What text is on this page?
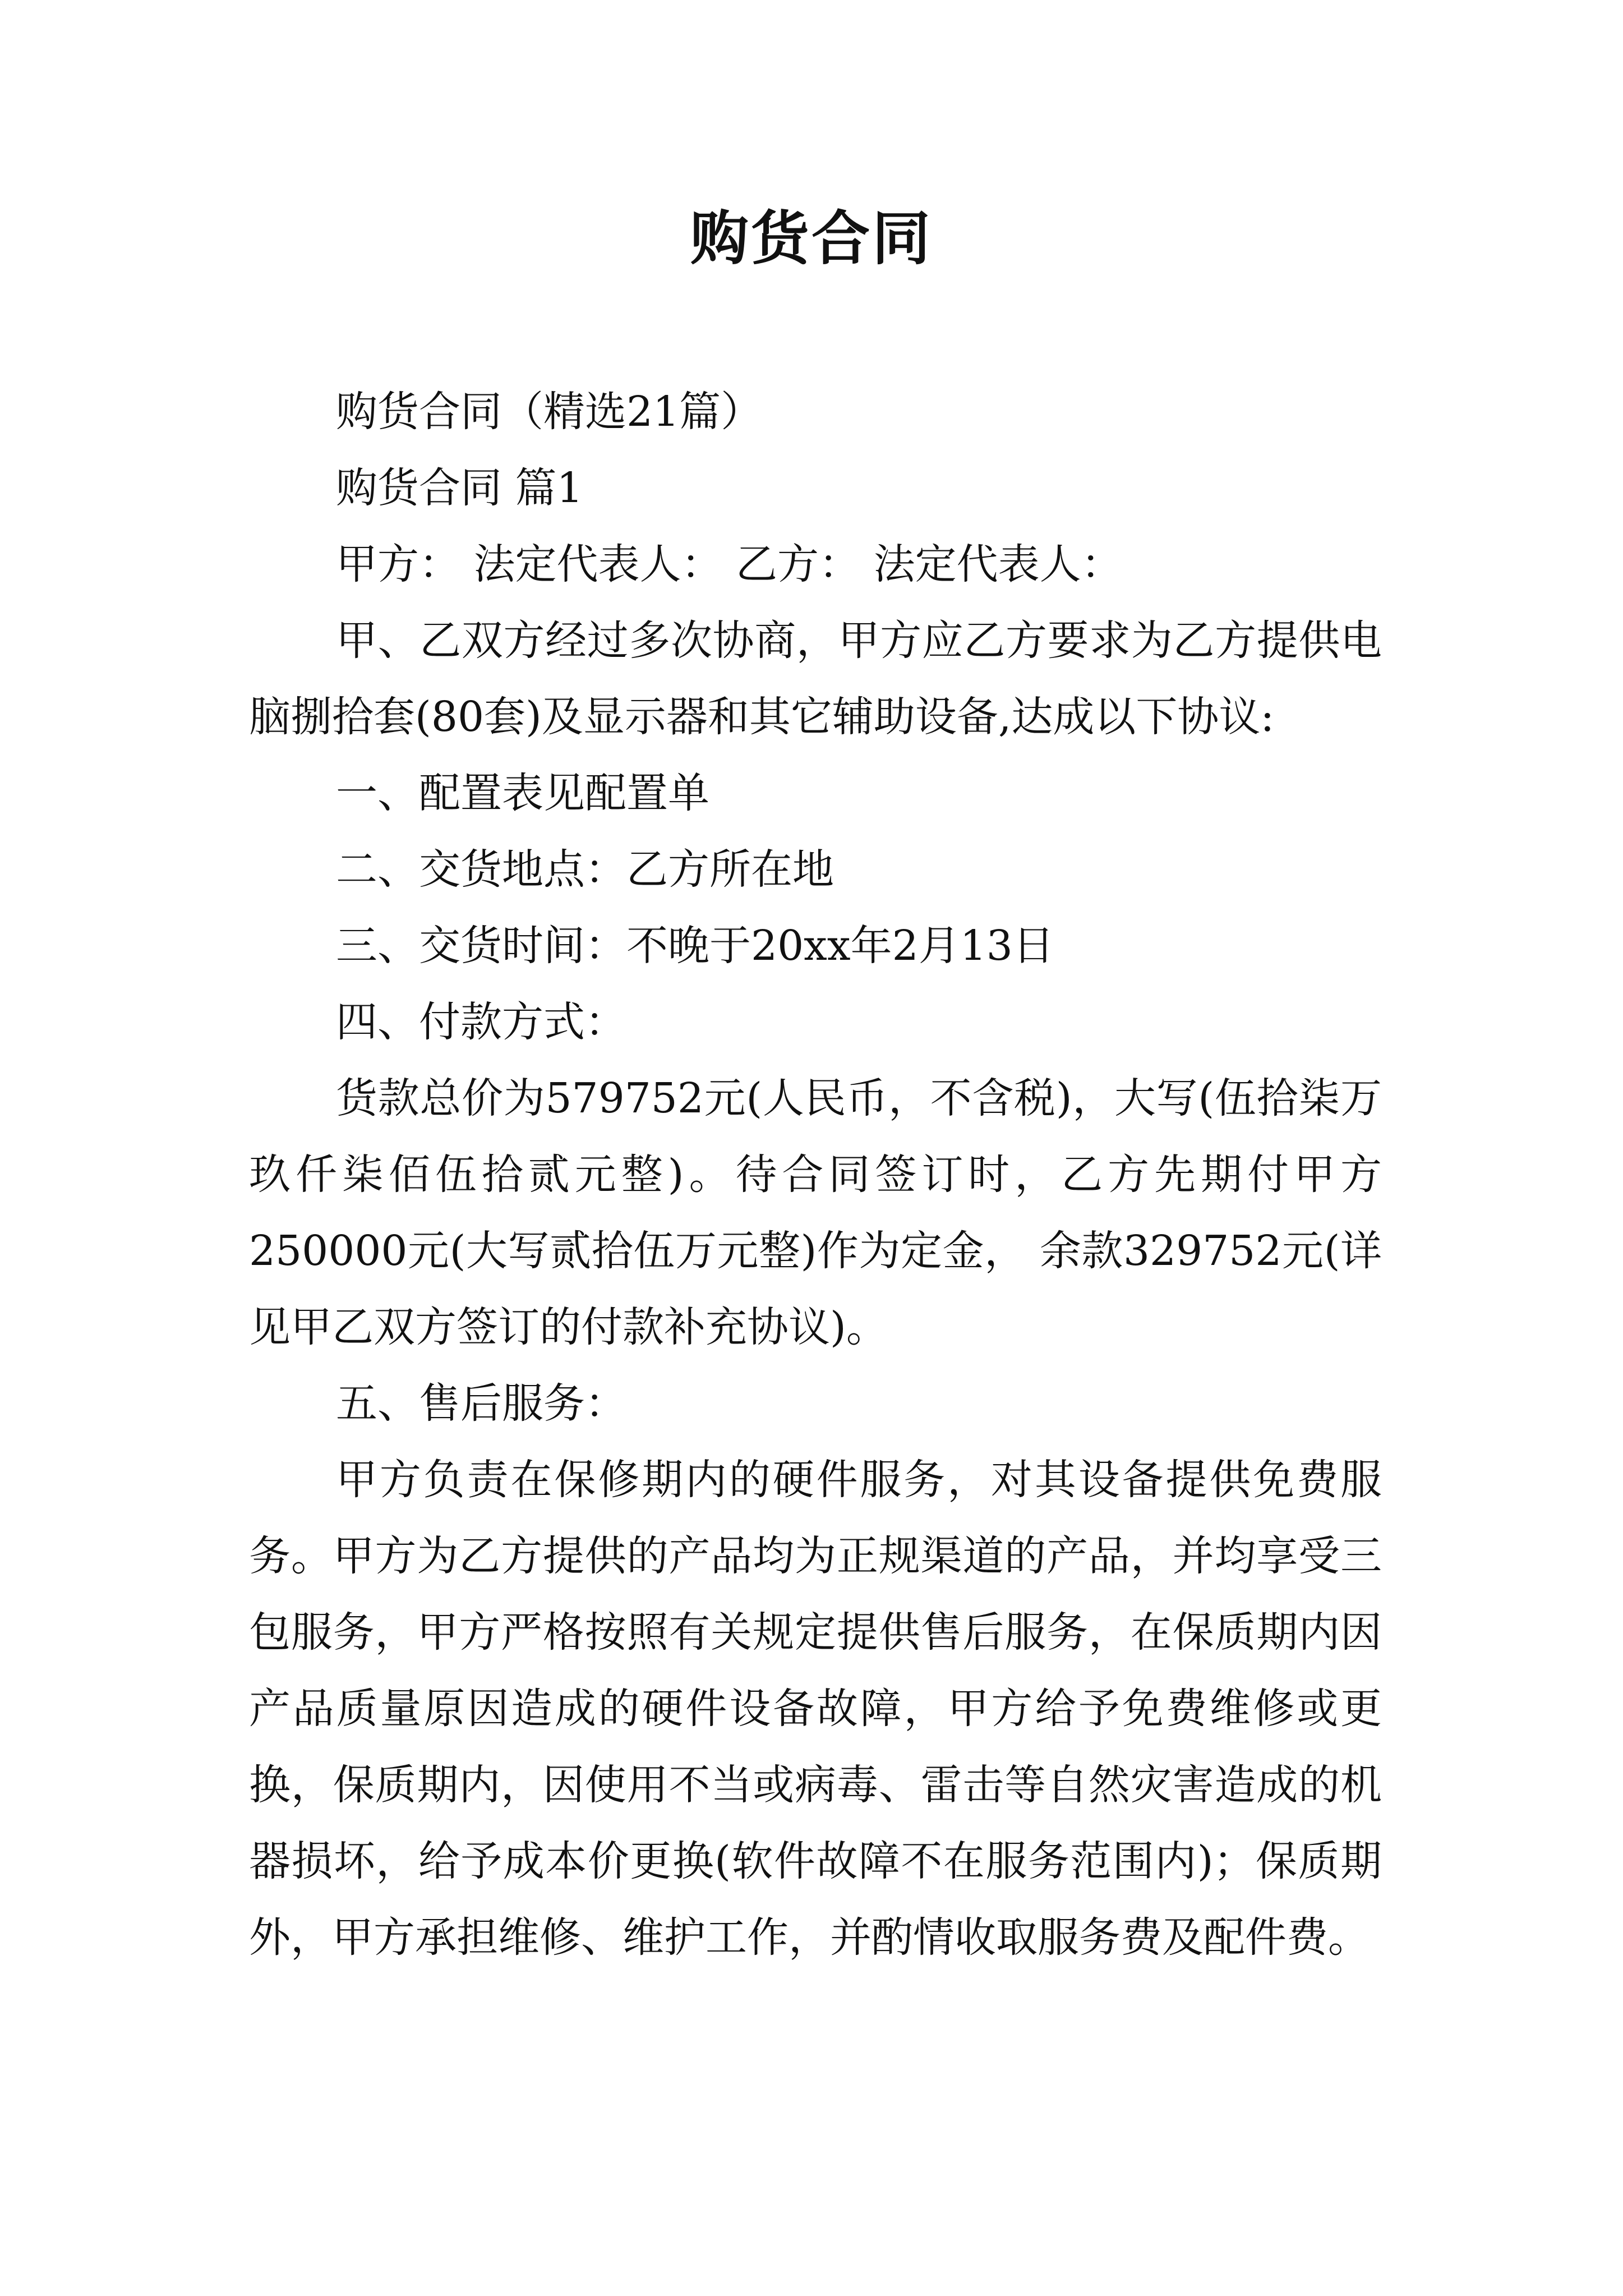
购货合同

购货合同（精选21篇）

购货合同 篇1

甲方： 法定代表人： 乙方： 法定代表人：

甲、乙双方经过多次协商，甲方应乙方要求为乙方提供电脑捌拾套(80套)及显示器和其它辅助设备,达成以下协议:

一、配置表见配置单

二、交货地点：乙方所在地

三、交货时间：不晚于20xx年2月13日

四、付款方式：

货款总价为579752元(人民币，不含税)，大写(伍拾柒万玖仟柒佰伍拾贰元整)。待合同签订时，乙方先期付甲方250000元(大写贰拾伍万元整)作为定金， 余款329752元(详见甲乙双方签订的付款补充协议)。

五、售后服务：

甲方负责在保修期内的硬件服务，对其设备提供免费服务。甲方为乙方提供的产品均为正规渠道的产品，并均享受三包服务，甲方严格按照有关规定提供售后服务，在保质期内因产品质量原因造成的硬件设备故障，甲方给予免费维修或更换，保质期内，因使用不当或病毒、雷击等自然灾害造成的机器损坏，给予成本价更换(软件故障不在服务范围内)；保质期外，甲方承担维修、维护工作，并酌情收取服务费及配件费。
